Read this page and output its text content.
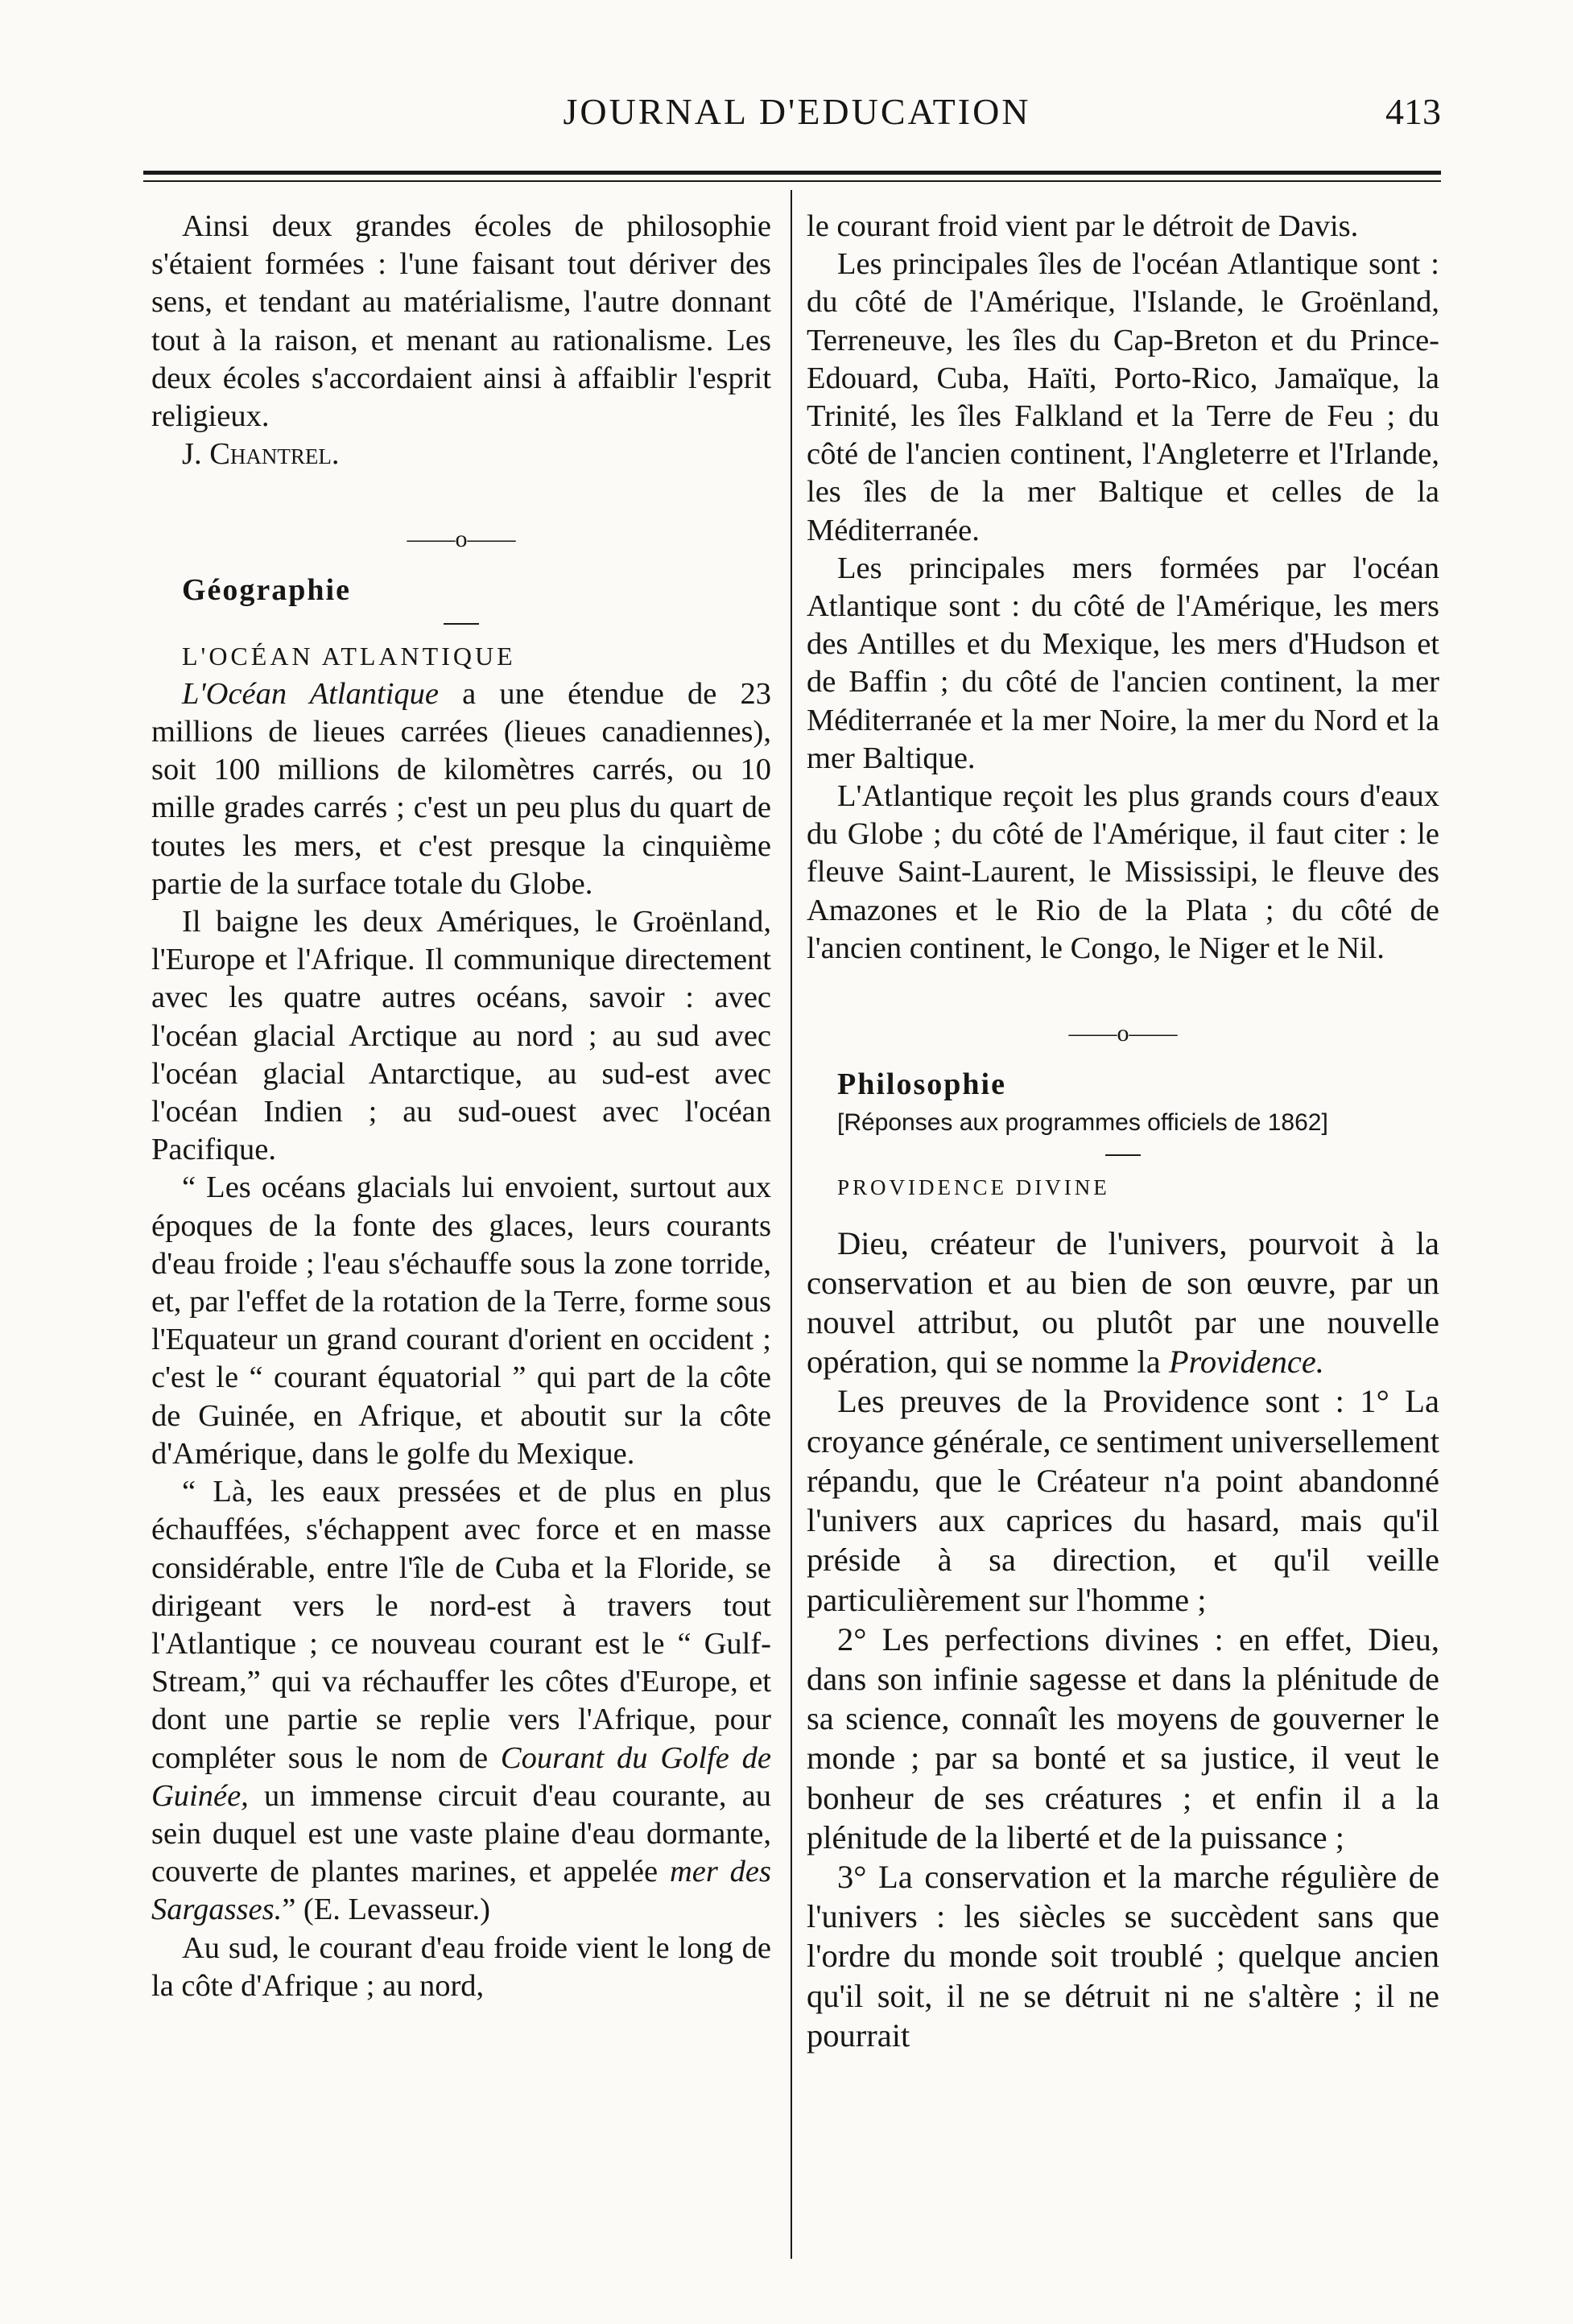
JOURNAL D'EDUCATION	413

Ainsi deux grandes écoles de philosophie s'étaient formées : l'une faisant tout dériver des sens, et tendant au matérialisme, l'autre donnant tout à la raison, et menant au rationalisme. Les deux écoles s'accordaient ainsi à affaiblir l'esprit religieux.

J. Chantrel.

——o——

Géographie

L'OCÉAN ATLANTIQUE

L'Océan Atlantique a une étendue de 23 millions de lieues carrées (lieues canadiennes), soit 100 millions de kilomètres carrés, ou 10 mille grades carrés ; c'est un peu plus du quart de toutes les mers, et c'est presque la cinquième partie de la surface totale du Globe.

Il baigne les deux Amériques, le Groënland, l'Europe et l'Afrique. Il communique directement avec les quatre autres océans, savoir : avec l'océan glacial Arctique au nord ; au sud avec l'océan glacial Antarctique, au sud-est avec l'océan Indien ; au sud-ouest avec l'océan Pacifique.

“ Les océans glacials lui envoient, surtout aux époques de la fonte des glaces, leurs courants d'eau froide ; l'eau s'échauffe sous la zone torride, et, par l'effet de la rotation de la Terre, forme sous l'Equateur un grand courant d'orient en occident ; c'est le “ courant équatorial ” qui part de la côte de Guinée, en Afrique, et aboutit sur la côte d'Amérique, dans le golfe du Mexique.

“ Là, les eaux pressées et de plus en plus échauffées, s'échappent avec force et en masse considérable, entre l'île de Cuba et la Floride, se dirigeant vers le nord-est à travers tout l'Atlantique ; ce nouveau courant est le “ Gulf-Stream,” qui va réchauffer les côtes d'Europe, et dont une partie se replie vers l'Afrique, pour compléter sous le nom de Courant du Golfe de Guinée, un immense circuit d'eau courante, au sein duquel est une vaste plaine d'eau dormante, couverte de plantes marines, et appelée mer des Sargasses.” (E. Levasseur.)

Au sud, le courant d'eau froide vient le long de la côte d'Afrique ; au nord,

le courant froid vient par le détroit de Davis.

Les principales îles de l'océan Atlantique sont : du côté de l'Amérique, l'Islande, le Groënland, Terreneuve, les îles du Cap-Breton et du Prince-Edouard, Cuba, Haïti, Porto-Rico, Jamaïque, la Trinité, les îles Falkland et la Terre de Feu ; du côté de l'ancien continent, l'Angleterre et l'Irlande, les îles de la mer Baltique et celles de la Méditerranée.

Les principales mers formées par l'océan Atlantique sont : du côté de l'Amérique, les mers des Antilles et du Mexique, les mers d'Hudson et de Baffin ; du côté de l'ancien continent, la mer Méditerranée et la mer Noire, la mer du Nord et la mer Baltique.

L'Atlantique reçoit les plus grands cours d'eaux du Globe ; du côté de l'Amérique, il faut citer : le fleuve Saint-Laurent, le Mississipi, le fleuve des Amazones et le Rio de la Plata ; du côté de l'ancien continent, le Congo, le Niger et le Nil.

——o——

Philosophie

[Réponses aux programmes officiels de 1862]

PROVIDENCE DIVINE

Dieu, créateur de l'univers, pourvoit à la conservation et au bien de son œuvre, par un nouvel attribut, ou plutôt par une nouvelle opération, qui se nomme la Providence.

Les preuves de la Providence sont : 1° La croyance générale, ce sentiment universellement répandu, que le Créateur n'a point abandonné l'univers aux caprices du hasard, mais qu'il préside à sa direction, et qu'il veille particulièrement sur l'homme ;

2° Les perfections divines : en effet, Dieu, dans son infinie sagesse et dans la plénitude de sa science, connaît les moyens de gouverner le monde ; par sa bonté et sa justice, il veut le bonheur de ses créatures ; et enfin il a la plénitude de la liberté et de la puissance ;

3° La conservation et la marche régulière de l'univers : les siècles se succèdent sans que l'ordre du monde soit troublé ; quelque ancien qu'il soit, il ne se détruit ni ne s'altère ; il ne pourrait
